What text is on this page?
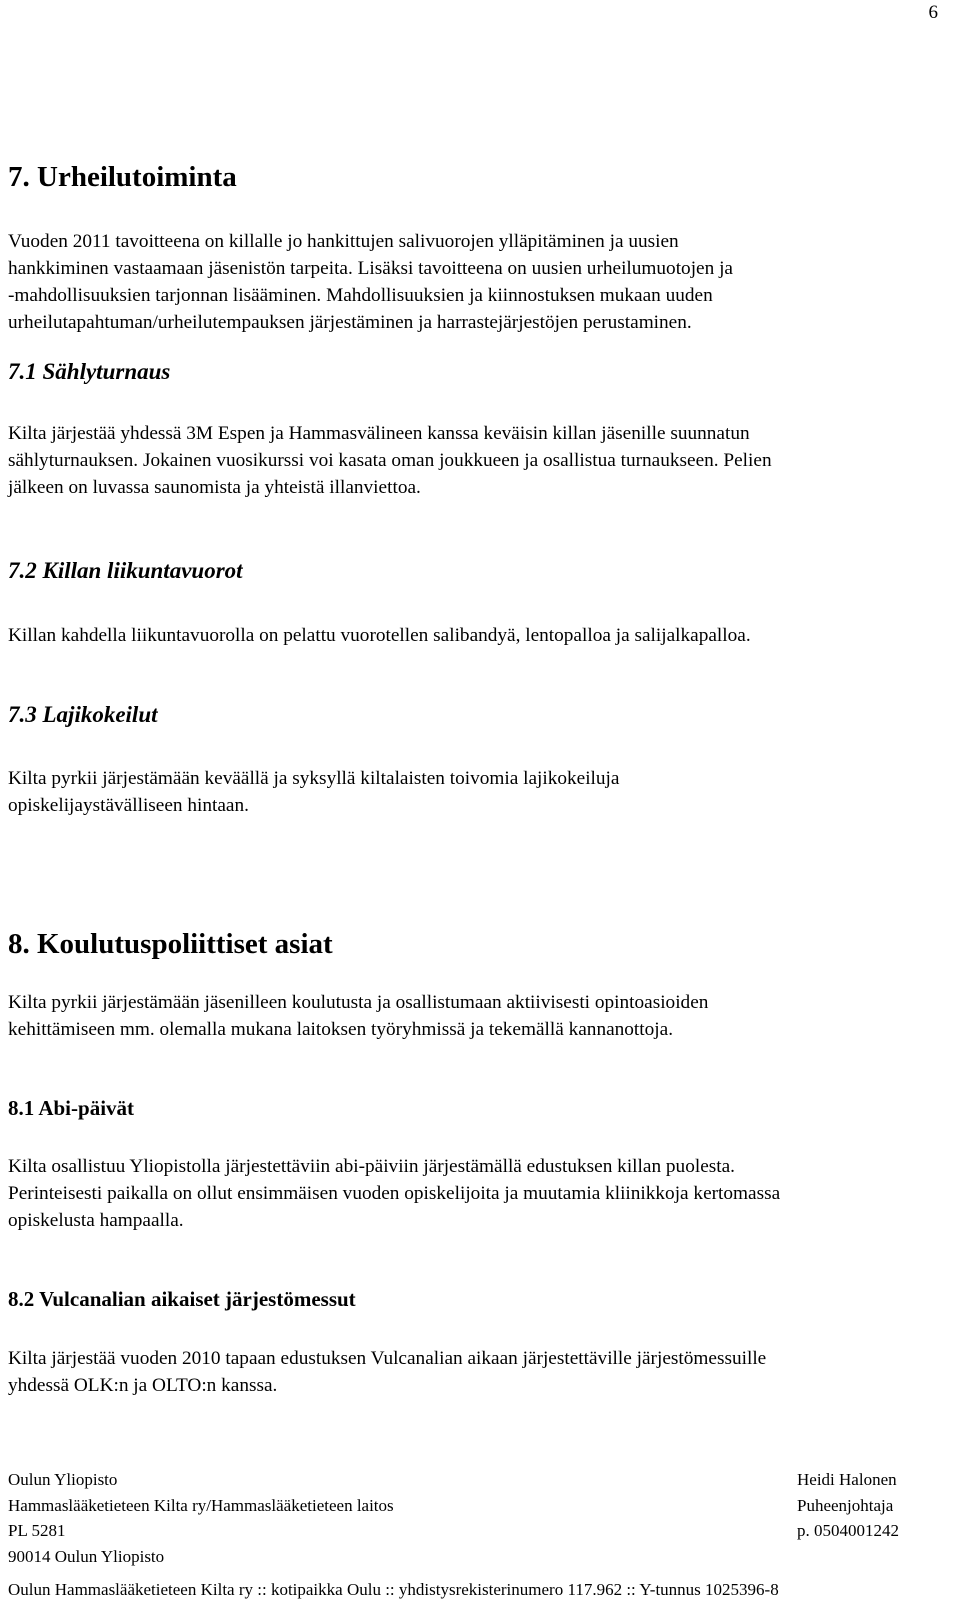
6
7. Urheilutoiminta

Vuoden 2011 tavoitteena on killalle jo hankittujen salivuorojen ylläpitäminen ja uusien
hankkiminen vastaamaan jäsenistön tarpeita. Lisäksi tavoitteena on uusien urheilumuotojen ja
-mahdollisuuksien tarjonnan lisääminen. Mahdollisuuksien ja kiinnostuksen mukaan uuden
urheilutapahtuman/urheilutempauksen järjestäminen ja harrastejärjestöjen perustaminen.

7.1 Sählyturnaus

Kilta järjestää yhdessä 3M Espen ja Hammasvälineen kanssa keväisin killan jäsenille suunnatun
sählyturnauksen. Jokainen vuosikurssi voi kasata oman joukkueen ja osallistua turnaukseen. Pelien
jälkeen on luvassa saunomista ja yhteistä illanviettoa.

7.2 Killan liikuntavuorot

Killan kahdella liikuntavuorolla on pelattu vuorotellen salibandyä, lentopalloa ja salijalkapalloa.

7.3 Lajikokeilut

Kilta pyrkii järjestämään keväällä ja syksyllä kiltalaisten toivomia lajikokeiluja
opiskelijaystävälliseen hintaan.

8. Koulutuspoliittiset asiat

Kilta pyrkii järjestämään jäsenilleen koulutusta ja osallistumaan aktiivisesti opintoasioiden
kehittämiseen mm. olemalla mukana laitoksen työryhmissä ja tekemällä kannanottoja.

8.1 Abi-päivät

Kilta osallistuu Yliopistolla järjestettäviin abi-päiviin järjestämällä edustuksen killan puolesta.
Perinteisesti paikalla on ollut ensimmäisen vuoden opiskelijoita ja muutamia kliinikkoja kertomassa
opiskelusta hampaalla.

8.2 Vulcanalian aikaiset järjestömessut

Kilta järjestää vuoden 2010 tapaan edustuksen Vulcanalian aikaan järjestettäville järjestömessuille
yhdessä OLK:n ja OLTO:n kanssa.

Oulun Yliopisto
Hammaslääketieteen Kilta ry/Hammaslääketieteen laitos
PL 5281
90014 Oulun Yliopisto
Heidi Halonen
Puheenjohtaja
p. 0504001242
Oulun Hammaslääketieteen Kilta ry :: kotipaikka Oulu :: yhdistysrekisterinumero 117.962 :: Y-tunnus 1025396-8
